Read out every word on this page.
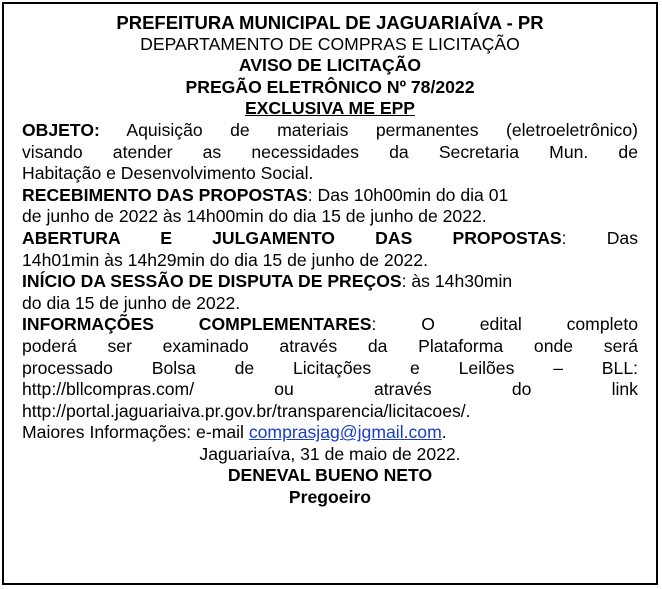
PREFEITURA MUNICIPAL DE JAGUARIAÍVA - PR
DEPARTAMENTO DE COMPRAS E LICITAÇÃO
AVISO DE LICITAÇÃO
PREGÃO ELETRÔNICO Nº 78/2022
EXCLUSIVA ME EPP
OBJETO: Aquisição de materiais permanentes (eletroeletrônico)
visando atender as necessidades da Secretaria Mun. de
Habitação e Desenvolvimento Social.
RECEBIMENTO DAS PROPOSTAS: Das 10h00min do dia 01
de junho de 2022 às 14h00min do dia 15 de junho de 2022.
ABERTURA E JULGAMENTO DAS PROPOSTAS: Das
14h01min às 14h29min do dia 15 de junho de 2022.
INÍCIO DA SESSÃO DE DISPUTA DE PREÇOS: às 14h30min
do dia 15 de junho de 2022.
INFORMAÇÕES COMPLEMENTARES: O edital completo
poderá ser examinado através da Plataforma onde será
processado Bolsa de Licitações e Leilões – BLL:
http://bllcompras.com/	ou	através	do	link
http://portal.jaguariaiva.pr.gov.br/transparencia/licitacoes/.
Maiores Informações: e-mail comprasjag@jgmail.com.
Jaguariaíva, 31 de maio de 2022.
DENEVAL BUENO NETO
Pregoeiro
